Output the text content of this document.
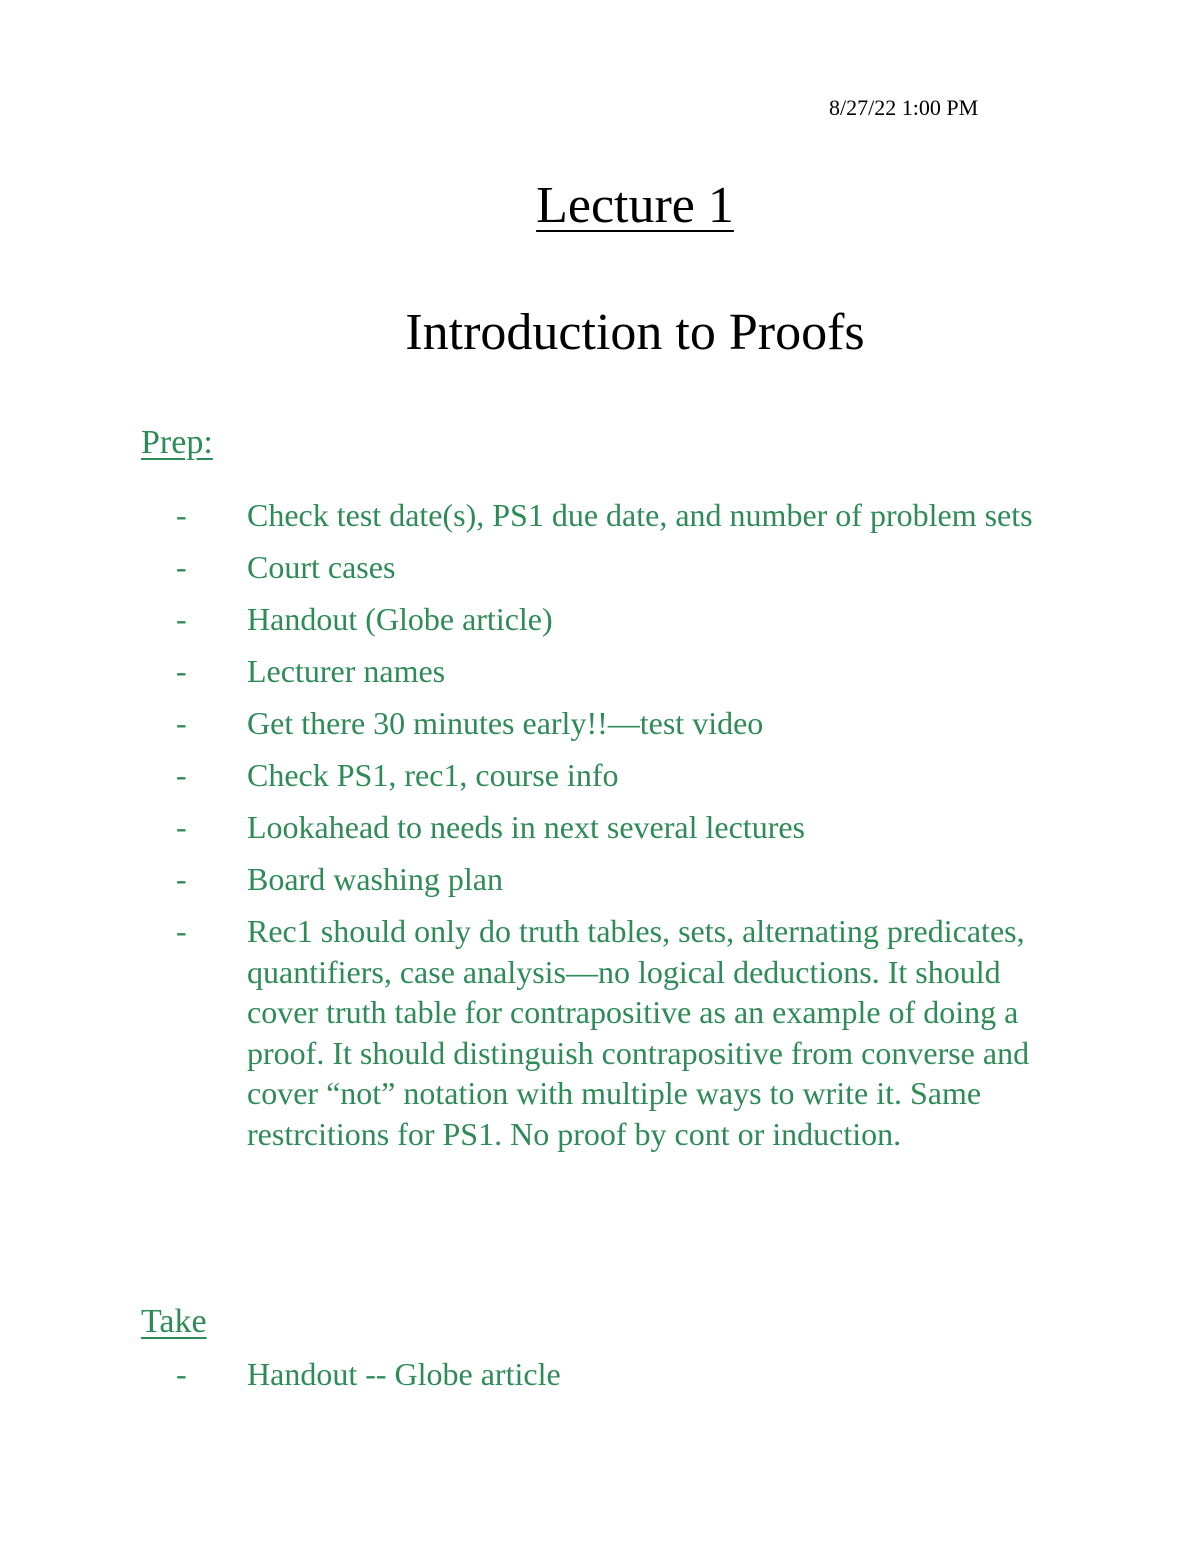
8/27/22 1:00 PM
Lecture 1
Introduction to Proofs
Prep:
- Check test date(s), PS1 due date, and number of problem sets
- Court cases
- Handout (Globe article)
- Lecturer names
- Get there 30 minutes early!!—test video
- Check PS1, rec1, course info
- Lookahead to needs in next several lectures
- Board washing plan
- Rec1 should only do truth tables, sets, alternating predicates, quantifiers, case analysis—no logical deductions. It should cover truth table for contrapositive as an example of doing a proof. It should distinguish contrapositive from converse and cover “not” notation with multiple ways to write it. Same restrcitions for PS1. No proof by cont or induction.
Take
- Handout -- Globe article
